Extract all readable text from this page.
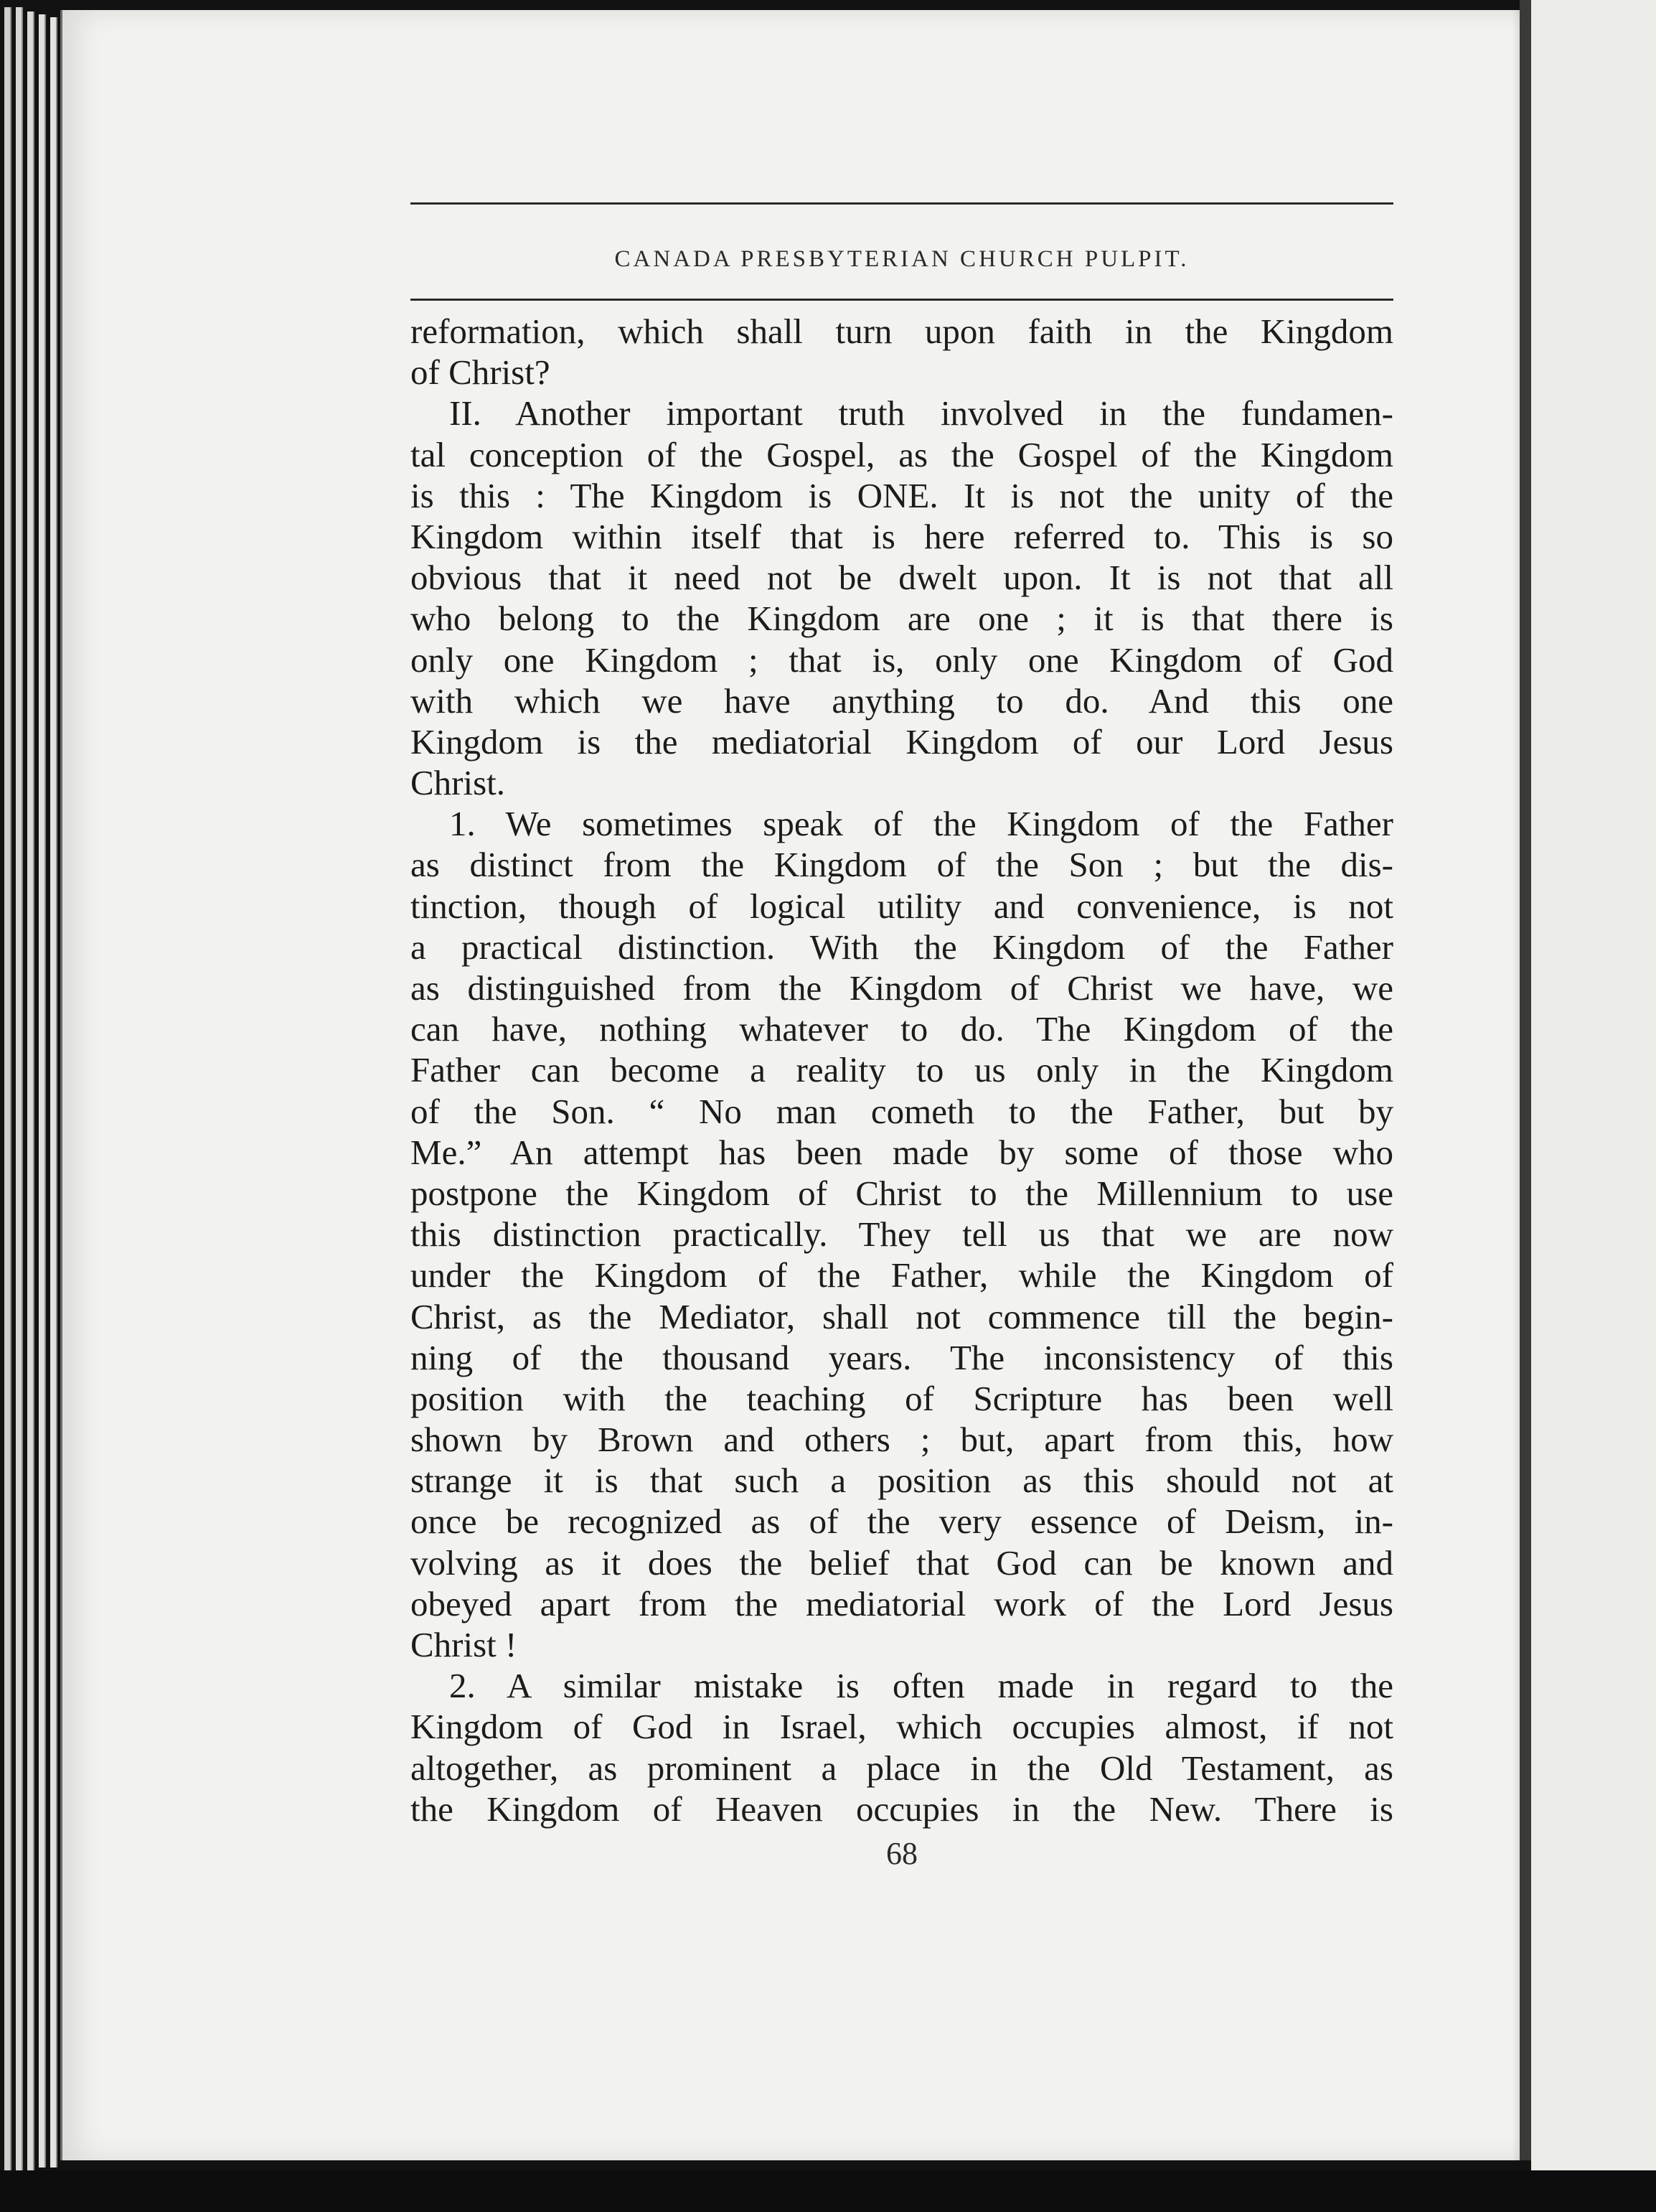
CANADA PRESBYTERIAN CHURCH PULPIT.
reformation, which shall turn upon faith in the Kingdom
of Christ?
II. Another important truth involved in the fundamen-
tal conception of the Gospel, as the Gospel of the Kingdom
is this : The Kingdom is ONE. It is not the unity of the
Kingdom within itself that is here referred to. This is so
obvious that it need not be dwelt upon. It is not that all
who belong to the Kingdom are one ; it is that there is
only one Kingdom ; that is, only one Kingdom of God
with which we have anything to do. And this one
Kingdom is the mediatorial Kingdom of our Lord Jesus
Christ.
1. We sometimes speak of the Kingdom of the Father
as distinct from the Kingdom of the Son ; but the dis-
tinction, though of logical utility and convenience, is not
a practical distinction. With the Kingdom of the Father
as distinguished from the Kingdom of Christ we have, we
can have, nothing whatever to do. The Kingdom of the
Father can become a reality to us only in the Kingdom
of the Son. “ No man cometh to the Father, but by
Me.” An attempt has been made by some of those who
postpone the Kingdom of Christ to the Millennium to use
this distinction practically. They tell us that we are now
under the Kingdom of the Father, while the Kingdom of
Christ, as the Mediator, shall not commence till the begin-
ning of the thousand years. The inconsistency of this
position with the teaching of Scripture has been well
shown by Brown and others ; but, apart from this, how
strange it is that such a position as this should not at
once be recognized as of the very essence of Deism, in-
volving as it does the belief that God can be known and
obeyed apart from the mediatorial work of the Lord Jesus
Christ !
2. A similar mistake is often made in regard to the
Kingdom of God in Israel, which occupies almost, if not
altogether, as prominent a place in the Old Testament, as
the Kingdom of Heaven occupies in the New. There is
68
